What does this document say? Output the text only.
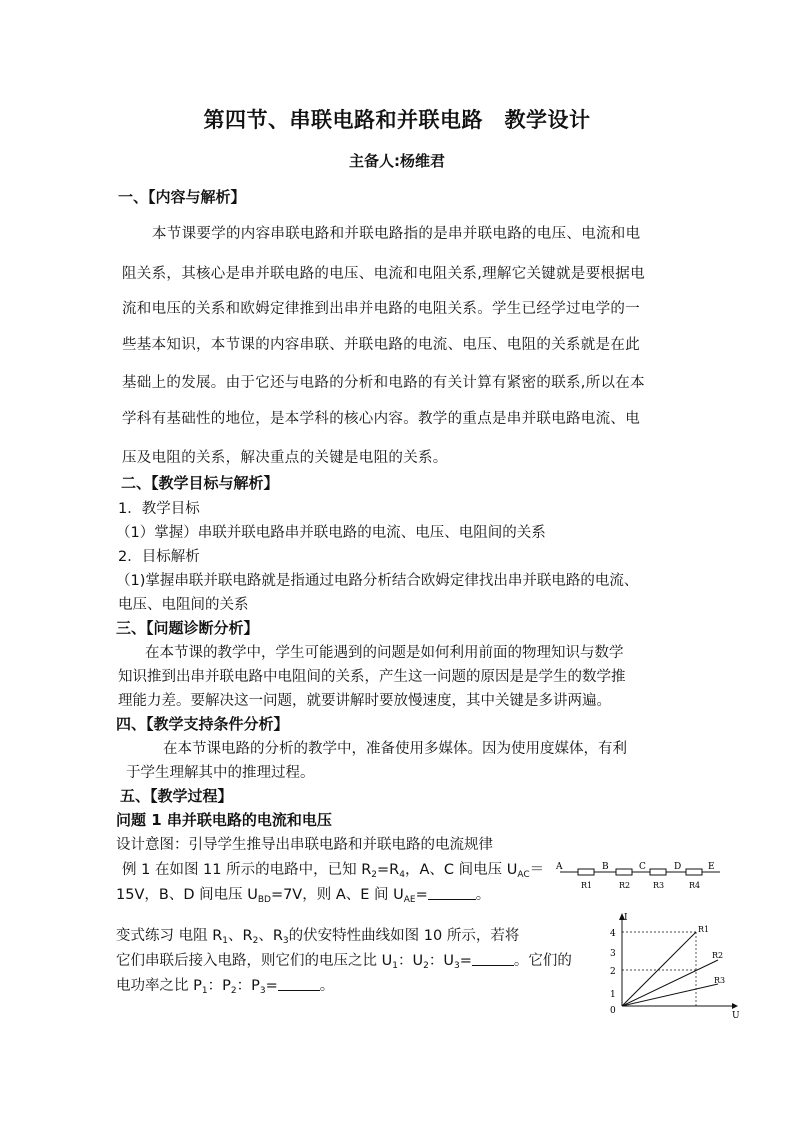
第四节、串联电路和并联电路　教学设计
主备人:杨维君
一、【内容与解析】
本节课要学的内容串联电路和并联电路指的是串并联电路的电压、电流和电
阻关系，其核心是串并联电路的电压、电流和电阻关系,理解它关键就是要根据电
流和电压的关系和欧姆定律推到出串并电路的电阻关系。学生已经学过电学的一
些基本知识，本节课的内容串联、并联电路的电流、电压、电阻的关系就是在此
基础上的发展。由于它还与电路的分析和电路的有关计算有紧密的联系,所以在本
学科有基础性的地位，是本学科的核心内容。教学的重点是串并联电路电流、电
压及电阻的关系，解决重点的关键是电阻的关系。
二、【教学目标与解析】
1．教学目标
（1）掌握）串联并联电路串并联电路的电流、电压、电阻间的关系
2．目标解析
（1)掌握串联并联电路就是指通过电路分析结合欧姆定律找出串并联电路的电流、
电压、电阻间的关系
三、【问题诊断分析】
在本节课的教学中，学生可能遇到的问题是如何利用前面的物理知识与数学
知识推到出串并联电路中电阻间的关系，产生这一问题的原因是是学生的数学推
理能力差。要解决这一问题，就要讲解时要放慢速度，其中关键是多讲两遍。
四、【教学支持条件分析】
在本节课电路的分析的教学中，准备使用多媒体。因为使用度媒体，有利
于学生理解其中的推理过程。
五、【教学过程】
问题 1 串并联电路的电流和电压
设计意图：引导学生推导出串联电路和并联电路的电流规律
例 1 在如图 11 所示的电路中，已知 $R_2=R_4$，A、C 间电压 $U_{AC}=$
15V，B、D 间电压 $U_{BD}=7V$，则 A、E 间 $U_{AE}=$	。
变式练习 电阻 $R_1$、$R_2$、$R_3$的伏安特性曲线如图 10 所示，若将
它们串联后接入电路，则它们的电压之比 $U_1$：$U_2$：$U_3=$	。它们的
电功率之比 $P_1$：$P_2$：$P_3=$	。
A	B	C	D	E
R1	R2	R3	R4
I
U
0
1
2
3
4	R1
R2
R3
